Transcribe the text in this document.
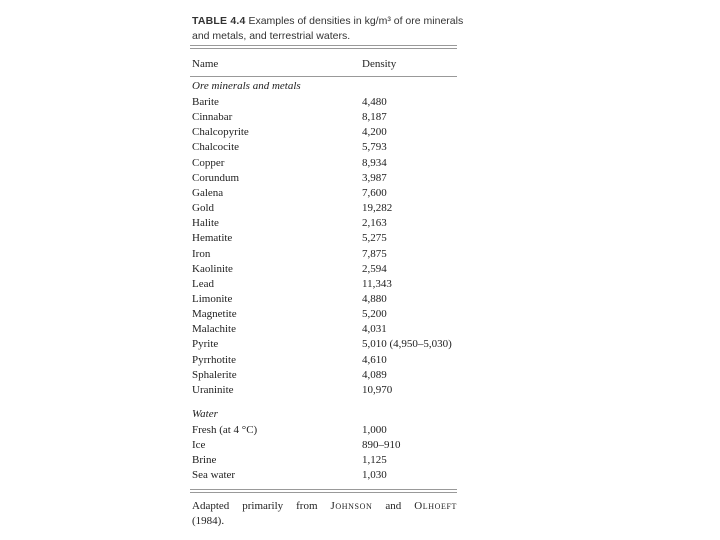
TABLE 4.4 Examples of densities in kg/m³ of ore minerals and metals, and terrestrial waters.
Name	Density
Ore minerals and metals
Barite	4,480
Cinnabar	8,187
Chalcopyrite	4,200
Chalcocite	5,793
Copper	8,934
Corundum	3,987
Galena	7,600
Gold	19,282
Halite	2,163
Hematite	5,275
Iron	7,875
Kaolinite	2,594
Lead	11,343
Limonite	4,880
Magnetite	5,200
Malachite	4,031
Pyrite	5,010 (4,950–5,030)
Pyrrhotite	4,610
Sphalerite	4,089
Uraninite	10,970
Water
Fresh (at 4 °C)	1,000
Ice	890–910
Brine	1,125
Sea water	1,030
Adapted primarily from Johnson and Olhoeft
(1984).
